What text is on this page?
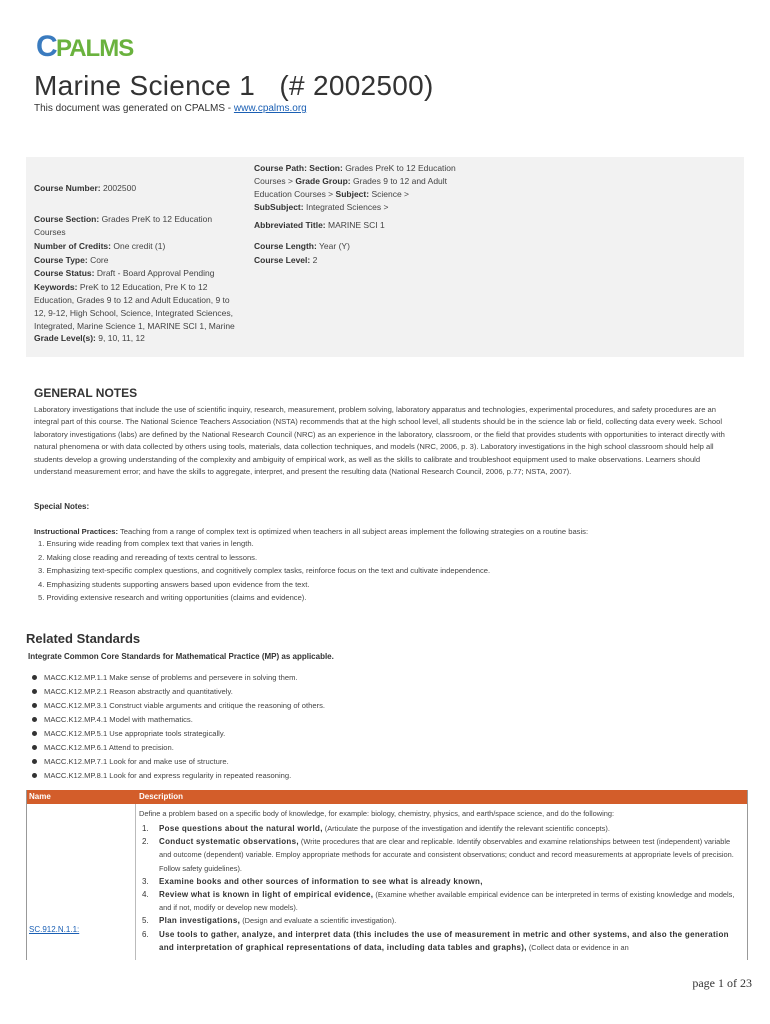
C
PALMS
Marine Science 1   (# 2002500)
This document was generated on CPALMS - www.cpalms.org
Course Number: 2002500
Course Section: Grades PreK to 12 Education
Courses
Number of Credits: One credit (1)
Course Type: Core
Course Status: Draft - Board Approval Pending
Keywords: PreK to 12 Education, Pre K to 12
Education, Grades 9 to 12 and Adult Education, 9 to
12, 9-12, High School, Science, Integrated Sciences,
Integrated, Marine Science 1, MARINE SCI 1, Marine
Grade Level(s): 9, 10, 11, 12
Course Path: Section: Grades PreK to 12 Education
Courses > Grade Group: Grades 9 to 12 and Adult
Education Courses > Subject: Science >
SubSubject: Integrated Sciences >
Abbreviated Title: MARINE SCI 1
Course Length: Year (Y)
Course Level: 2
GENERAL NOTES
Laboratory investigations that include the use of scientific inquiry, research, measurement, problem solving, laboratory apparatus and technologies, experimental procedures, and safety procedures are an integral part of this course. The National Science Teachers Association (NSTA) recommends that at the high school level, all students should be in the science lab or field, collecting data every week. School laboratory investigations (labs) are defined by the National Research Council (NRC) as an experience in the laboratory, classroom, or the field that provides students with opportunities to interact directly with natural phenomena or with data collected by others using tools, materials, data collection techniques, and models (NRC, 2006, p. 3). Laboratory investigations in the high school classroom should help all students develop a growing understanding of the complexity and ambiguity of empirical work, as well as the skills to calibrate and troubleshoot equipment used to make observations. Learners should understand measurement error; and have the skills to aggregate, interpret, and present the resulting data (National Research Council, 2006, p.77; NSTA, 2007).
Special Notes:
Instructional Practices: Teaching from a range of complex text is optimized when teachers in all subject areas implement the following strategies on a routine basis:
1. Ensuring wide reading from complex text that varies in length.
2. Making close reading and rereading of texts central to lessons.
3. Emphasizing text-specific complex questions, and cognitively complex tasks, reinforce focus on the text and cultivate independence.
4. Emphasizing students supporting answers based upon evidence from the text.
5. Providing extensive research and writing opportunities (claims and evidence).
Related Standards
Integrate Common Core Standards for Mathematical Practice (MP) as applicable.
MACC.K12.MP.1.1 Make sense of problems and persevere in solving them.
MACC.K12.MP.2.1 Reason abstractly and quantitatively.
MACC.K12.MP.3.1 Construct viable arguments and critique the reasoning of others.
MACC.K12.MP.4.1 Model with mathematics.
MACC.K12.MP.5.1 Use appropriate tools strategically.
MACC.K12.MP.6.1 Attend to precision.
MACC.K12.MP.7.1 Look for and make use of structure.
MACC.K12.MP.8.1 Look for and express regularity in repeated reasoning.
Name	Description
Define a problem based on a specific body of knowledge, for example: biology, chemistry, physics, and earth/space science, and do the following:
SC.912.N.1.1:
1. Pose questions about the natural world, (Articulate the purpose of the investigation and identify the relevant scientific concepts).
2. Conduct systematic observations, (Write procedures that are clear and replicable. Identify observables and examine relationships between test (independent) variable and outcome (dependent) variable. Employ appropriate methods for accurate and consistent observations; conduct and record measurements at appropriate levels of precision. Follow safety guidelines).
3. Examine books and other sources of information to see what is already known,
4. Review what is known in light of empirical evidence, (Examine whether available empirical evidence can be interpreted in terms of existing knowledge and models, and if not, modify or develop new models).
5. Plan investigations, (Design and evaluate a scientific investigation).
6. Use tools to gather, analyze, and interpret data (this includes the use of measurement in metric and other systems, and also the generation and interpretation of graphical representations of data, including data tables and graphs), (Collect data or evidence in an
page 1 of 23
